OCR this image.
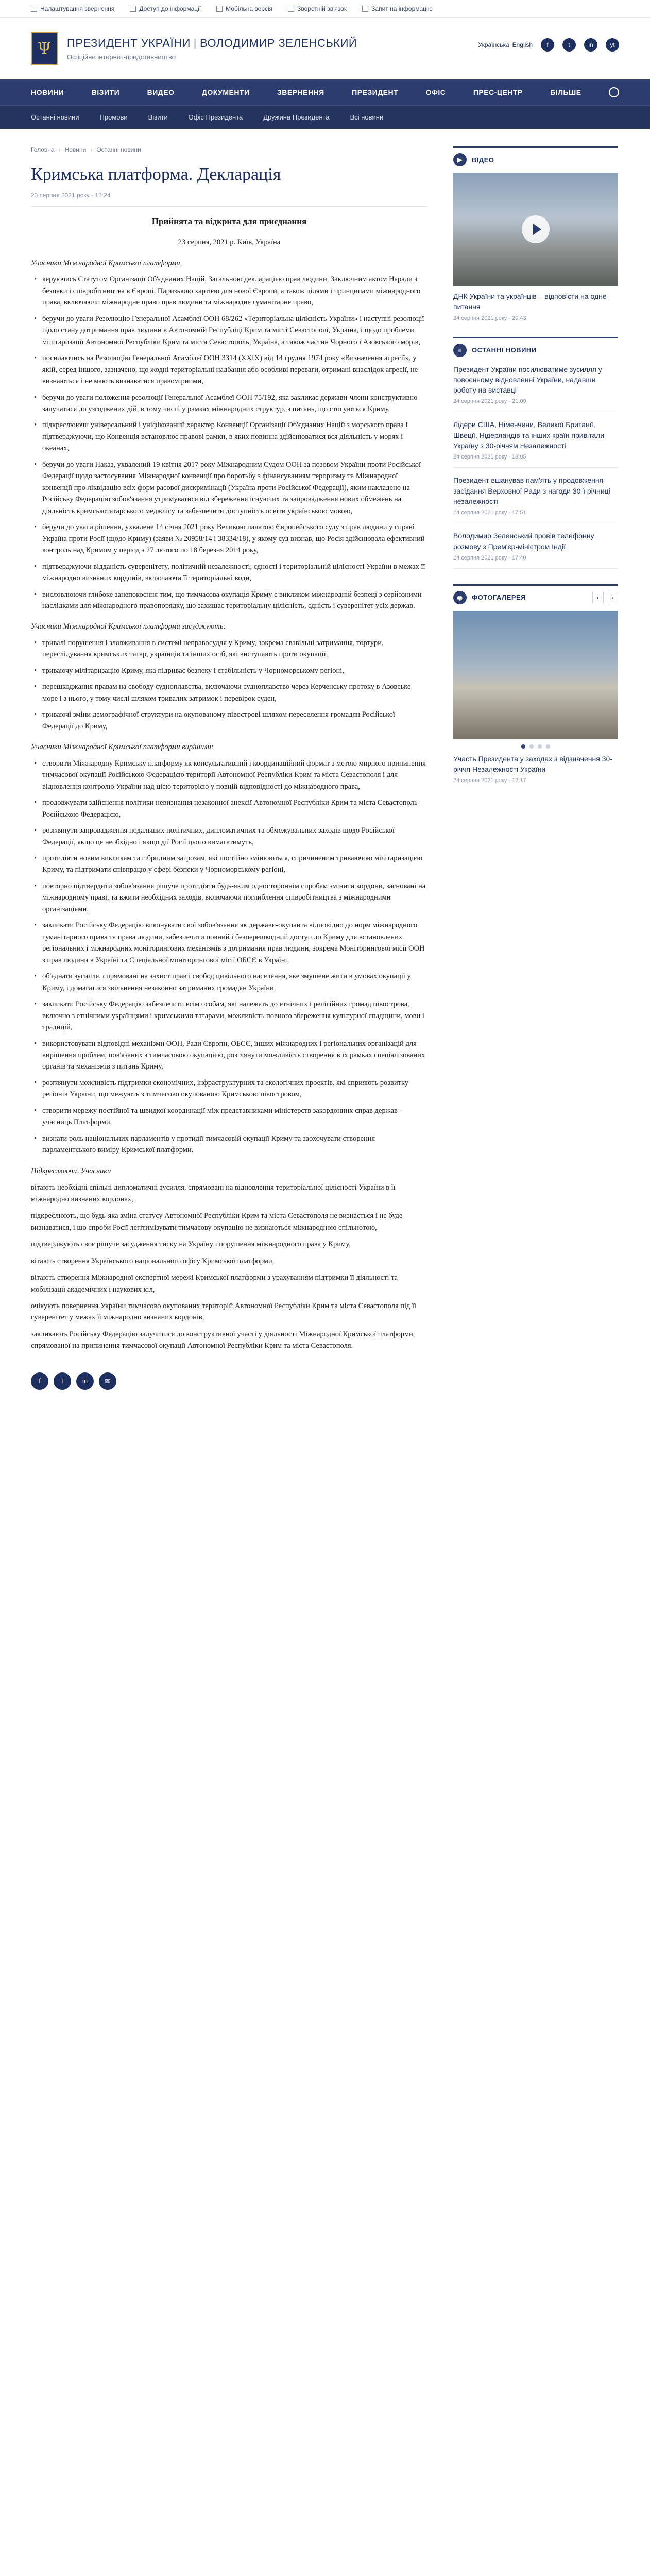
Налаштування звернення	Доступ до інформації	Мобільна версія	Зворотній зв'язок	Запит на інформацію
Ψ	ПРЕЗИДЕНТ УКРАЇНИ | ВОЛОДИМИР ЗЕЛЕНСЬКИЙ
Офіційне інтернет-представництво
Українська English	f	t	in	yt
НОВИНИ	ВІЗИТИ	ВИДЕО	ДОКУМЕНТИ	ЗВЕРНЕННЯ	ПРЕЗИДЕНТ	ОФІС	ПРЕС-ЦЕНТР	БІЛЬШЕ
Останні новини	Промови	Візити	Офіс Президента	Дружина Президента	Всі новини
Головна › Новини › Останні новини
Кримська платформа. Декларація
23 серпня 2021 року - 18:24
Прийнята та відкрита для приєднання
23 серпня, 2021 р. Київ, Україна

Учасники Міжнародної Кримської платформи,

• керуючись Статутом Організації Об'єднаних Націй, Загальною декларацією прав людини, Заключним актом Наради з безпеки і співробітництва в Європі, Паризькою хартією для нової Європи, а також цілями і принципами міжнародного права, включаючи міжнародне право прав людини та міжнародне гуманітарне право,
• беручи до уваги Резолюцію Генеральної Асамблеї ООН 68/262 «Територіальна цілісність України» і наступні резолюції щодо стану дотримання прав людини в Автономній Республіці Крим та місті Севастополі, Україна, і щодо проблеми мілітаризації Автономної Республіки Крим та міста Севастополь, Україна, а також частин Чорного і Азовського морів,
• посилаючись на Резолюцію Генеральної Асамблеї ООН 3314 (XXIX) від 14 грудня 1974 року «Визначення агресії», у якій, серед іншого, зазначено, що жодні територіальні надбання або особливі переваги, отримані внаслідок агресії, не визнаються і не мають визнаватися правомірними,
• беручи до уваги положення резолюції Генеральної Асамблеї ООН 75/192, яка закликає держави-члени конструктивно залучатися до узгоджених дій, в тому числі у рамках міжнародних структур, з питань, що стосуються Криму,
• підкреслюючи універсальний і уніфікований характер Конвенції Організації Об'єднаних Націй з морського права і підтверджуючи, що Конвенція встановлює правові рамки, в яких повинна здійснюватися вся діяльність у морях і океанах,
• беручи до уваги Наказ, ухвалений 19 квітня 2017 року Міжнародним Судом ООН за позовом України проти Російської Федерації щодо застосування Міжнародної конвенції про боротьбу з фінансуванням тероризму та Міжнародної конвенції про ліквідацію всіх форм расової дискримінації (Україна проти Російської Федерації), яким накладено на Російську Федерацію зобов'язання утримуватися від збереження існуючих та запровадження нових обмежень на діяльність кримськотатарського меджлісу та забезпечити доступність освіти українською мовою,
• беручи до уваги рішення, ухвалене 14 січня 2021 року Великою палатою Європейського суду з прав людини у справі Україна проти Росії (щодо Криму) (заяви № 20958/14 і 38334/18), у якому суд визнав, що Росія здійснювала ефективний контроль над Кримом у період з 27 лютого по 18 березня 2014 року,
• підтверджуючи відданість суверенітету, політичній незалежності, єдності і територіальній цілісності України в межах її міжнародно визнаних кордонів, включаючи її територіальні води,
• висловлюючи глибоке занепокоєння тим, що тимчасова окупація Криму є викликом міжнародній безпеці з серйозними наслідками для міжнародного правопорядку, що захищає територіальну цілісність, єдність і суверенітет усіх держав,

Учасники Міжнародної Кримської платформи засуджують:

• тривалі порушення і зловживання в системі неправосуддя у Криму, зокрема свавільні затримання, тортури, переслідування кримських татар, українців та інших осіб, які виступають проти окупації,
• триваючу мілітаризацію Криму, яка підриває безпеку і стабільність у Чорноморському регіоні,
• перешкоджання правам на свободу судноплавства, включаючи судноплавство через Керченську протоку в Азовське море і з нього, у тому числі шляхом тривалих затримок і перевірок суден,
• триваючі зміни демографічної структури на окупованому півострові шляхом переселення громадян Російської Федерації до Криму,

Учасники Міжнародної Кримської платформи вирішили:

• створити Міжнародну Кримську платформу як консультативний і координаційний формат з метою мирного припинення тимчасової окупації Російською Федерацією території Автономної Республіки Крим та міста Севастополя і для відновлення контролю України над цією територією у повній відповідності до міжнародного права,
• продовжувати здійснення політики невизнання незаконної анексії Автономної Республіки Крим та міста Севастополь Російською Федерацією,
• розглянути запровадження подальших політичних, дипломатичних та обмежувальних заходів щодо Російської Федерації, якщо це необхідно і якщо дії Росії цього вимагатимуть,
• протидіяти новим викликам та гібридним загрозам, які постійно змінюються, спричиненим триваючою мілітаризацією Криму, та підтримати співпрацю у сфері безпеки у Чорноморському регіоні,
• повторно підтвердити зобов'язання рішуче протидіяти будь-яким одностороннім спробам змінити кордони, засновані на міжнародному праві, та вжити необхідних заходів, включаючи поглиблення співробітництва з міжнародними організаціями,
• закликати Російську Федерацію виконувати свої зобов'язання як держави-окупанта відповідно до норм міжнародного гуманітарного права та права людини, забезпечити повний і безперешкодний доступ до Криму для встановлених регіональних і міжнародних моніторингових механізмів з дотримання прав людини, зокрема Моніторингової місії ООН з прав людини в Україні та Спеціальної моніторингової місії ОБСЄ в Україні,
• об'єднати зусилля, спрямовані на захист прав і свобод цивільного населення, яке змушене жити в умовах окупації у Криму, і домагатися звільнення незаконно затриманих громадян України,
• закликати Російську Федерацію забезпечити всім особам, які належать до етнічних і релігійних громад півострова, включно з етнічними українцями і кримськими татарами, можливість повного збереження культурної спадщини, мови і традицій,
• використовувати відповідні механізми ООН, Ради Європи, ОБСЄ, інших міжнародних і регіональних організацій для вирішення проблем, пов'язаних з тимчасовою окупацією, розглянути можливість створення в їх рамках спеціалізованих органів та механізмів з питань Криму,
• розглянути можливість підтримки економічних, інфраструктурних та екологічних проектів, які сприяють розвитку регіонів України, що межують з тимчасово окупованою Кримською півостровом,
• створити мережу постійної та швидкої координації між представниками міністерств закордонних справ держав - учасниць Платформи,
• визнати роль національних парламентів у протидії тимчасовій окупації Криму та заохочувати створення парламентського виміру Кримської платформи.

Підкреслюючи, Учасники

вітають необхідні спільні дипломатичні зусилля, спрямовані на відновлення територіальної цілісності України в її міжнародно визнаних кордонах,

підкреслюють, що будь-яка зміна статусу Автономної Республіки Крим та міста Севастополя не визнається і не буде визнаватися, і що спроби Росії легітимізувати тимчасову окупацію не визнаються міжнародною спільнотою,

підтверджують своє рішуче засудження тиску на Україну і порушення міжнародного права у Криму,

вітають створення Українського національного офісу Кримської платформи,

вітають створення Міжнародної експертної мережі Кримської платформи з урахуванням підтримки її діяльності та мобілізації академічних і наукових кіл,

очікують повернення України тимчасово окупованих територій Автономної Республіки Крим та міста Севастополя під її суверенітет у межах її міжнародно визнаних кордонів,

закликають Російську Федерацію залучитися до конструктивної участі у діяльності Міжнародної Кримської платформи, спрямованої на припинення тимчасової окупації Автономної Республіки Крим та міста Севастополя.

f	t	in	✉
▶	ВІДЕО
ДНК України та українців – відповісти на одне питання
24 серпня 2021 року - 20:43
≡	ОСТАННІ НОВИНИ
Президент України посилюватиме зусилля у повоєнному відновленні України, надавши роботу на виставці
24 серпня 2021 року - 21:09
Лідери США, Німеччини, Великої Британії, Швеції, Нідерландів та інших країн привітали Україну з 30-річчям Незалежності
24 серпня 2021 року - 18:05
Президент вшанував пам'ять у продовження засідання Верховної Ради з нагоди 30-ї річниці незалежності
24 серпня 2021 року - 17:51
Володимир Зеленський провів телефонну розмову з Прем'єр-міністром Індії
24 серпня 2021 року - 17:40
◉	ФОТОГАЛЕРЕЯ	‹	›
Участь Президента у заходах з відзначення 30-річчя Незалежності України
24 серпня 2021 року - 12:17
